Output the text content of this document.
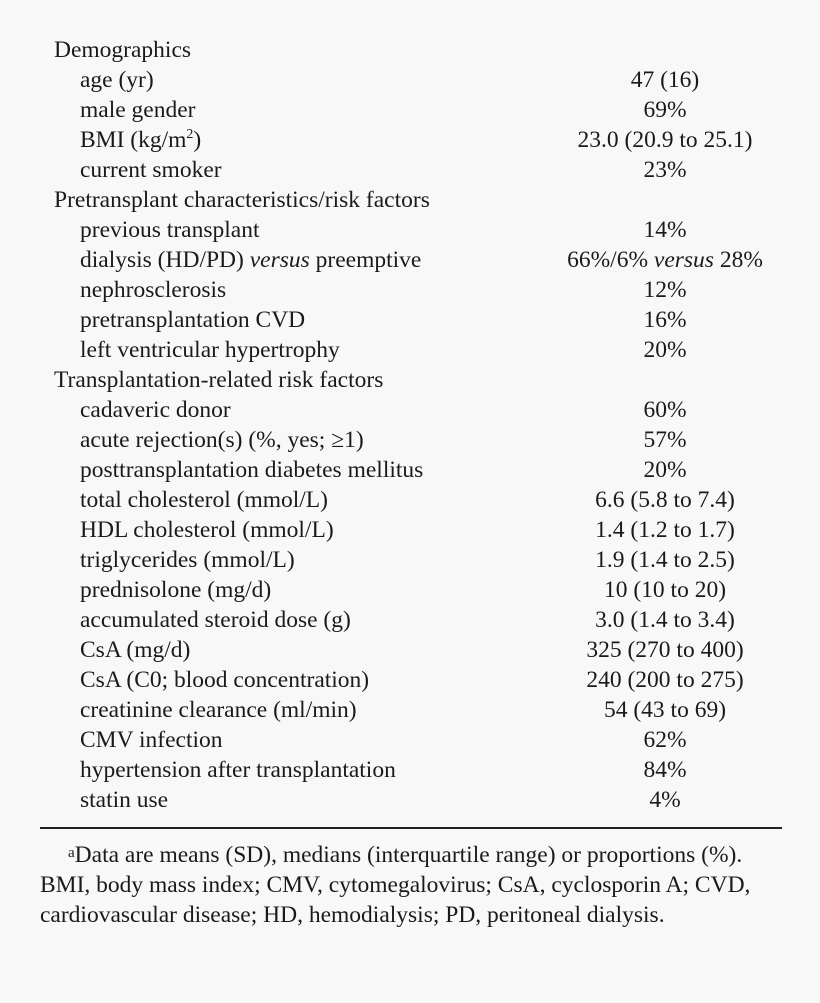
Demographics
age (yr)	47 (16)
male gender	69%
BMI $(kg/m^2)$	23.0 (20.9 to 25.1)
current smoker	23%
Pretransplant characteristics/risk factors
previous transplant	14%
dialysis (HD/PD) versus preemptive	66%/6% versus 28%
nephrosclerosis	12%
pretransplantation CVD	16%
left ventricular hypertrophy	20%
Transplantation-related risk factors
cadaveric donor	60%
acute rejection(s) (%, yes; ≥1)	57%
posttransplantation diabetes mellitus	20%
total cholesterol (mmol/L)	6.6 (5.8 to 7.4)
HDL cholesterol (mmol/L)	1.4 (1.2 to 1.7)
triglycerides (mmol/L)	1.9 (1.4 to 2.5)
prednisolone (mg/d)	10 (10 to 20)
accumulated steroid dose (g)	3.0 (1.4 to 3.4)
CsA (mg/d)	325 (270 to 400)
CsA (C0; blood concentration)	240 (200 to 275)
creatinine clearance (ml/min)	54 (43 to 69)
CMV infection	62%
hypertension after transplantation	84%
statin use	4%
$^a$Data are means (SD), medians (interquartile range) or proportions (%). BMI, body mass index; CMV, cytomegalovirus; CsA, cyclosporin A; CVD, cardiovascular disease; HD, hemodialysis; PD, peritoneal dialysis.
